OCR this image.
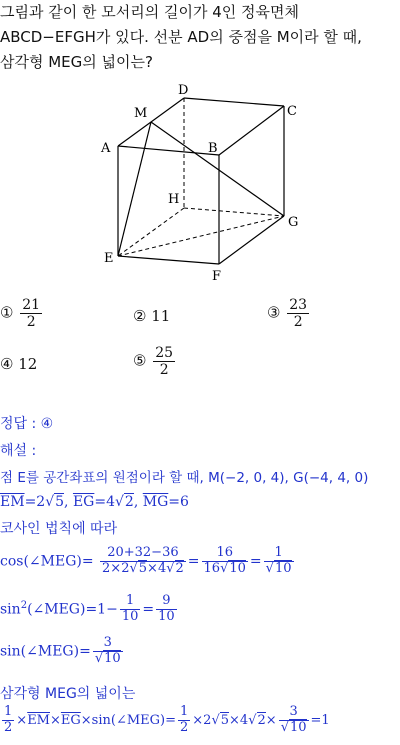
그림과 같이 한 모서리의 길이가 4인 정육면체
ABCD−EFGH가 있다. 선분 AD의 중점을 M이라 할 때,
삼각형 MEG의 넓이는?
M
D
C
A	B
H
G
E
F
① $\frac{21}{2}$	② 11	③ $\frac{23}{2}$
④ 12	⑤ $\frac{25}{2}$
정답 : ④
해설 :
점 E를 공간좌표의 원점이라 할 때, M(−2, 0, 4), G(−4, 4, 0)
$\overline{EM}=2$ √ 5, $\overline{EG}=4$ √ 2, $\overline{MG}=6$
코사인 법칙에 따라
cos(∠MEG)= $\frac{20+32-36}{2\times 2 √ 5\times 4 √ 2} = \frac{16}{16 √ 10} = 1$
√ 10
$\sin^2(\angle MEG)=1- \frac{1}{10} = \frac{9}{10}$
sin(∠MEG)= 3
√ 10
삼각형 MEG의 넓이는
$\frac{1}{2}$ $\times\overline{EM}\times\overline{EG}\times\sin(\angle MEG)= \frac{1}{2} \times 2$ √ 5×4 √ 2× 3
√ 10 =1
